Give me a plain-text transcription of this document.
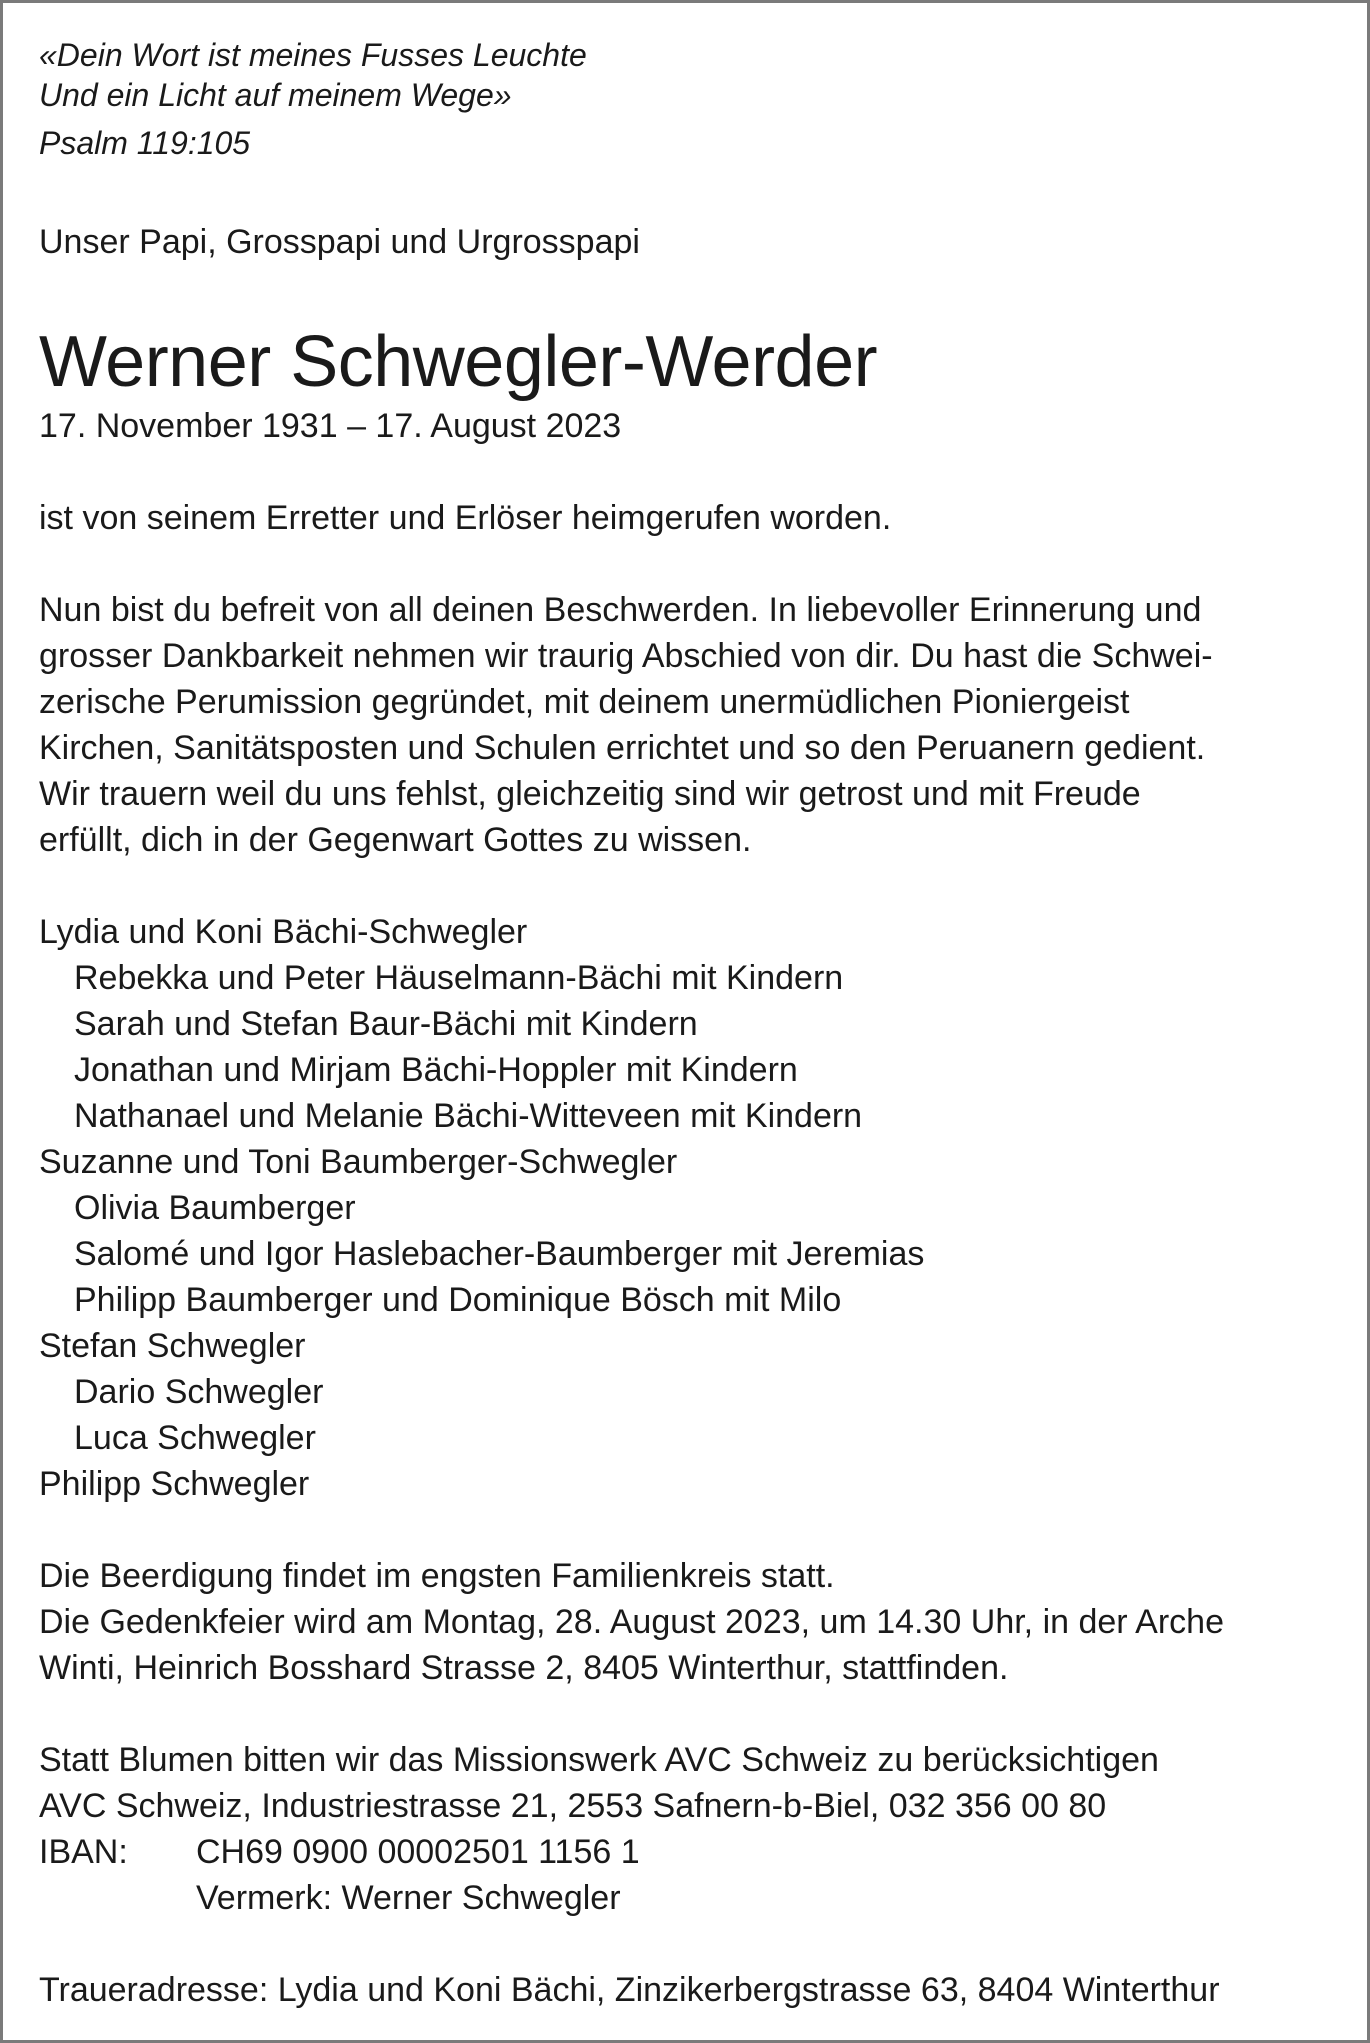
«Dein Wort ist meines Fusses Leuchte
Und ein Licht auf meinem Wege»
Psalm 119:105
Unser Papi, Grosspapi und Urgrosspapi
Werner Schwegler-Werder
17. November 1931 – 17. August 2023
ist von seinem Erretter und Erlöser heimgerufen worden.
Nun bist du befreit von all deinen Beschwerden. In liebevoller Erinnerung und
grosser Dankbarkeit nehmen wir traurig Abschied von dir. Du hast die Schwei-
zerische Perumission gegründet, mit deinem unermüdlichen Pioniergeist
Kirchen, Sanitätsposten und Schulen errichtet und so den Peruanern gedient.
Wir trauern weil du uns fehlst, gleichzeitig sind wir getrost und mit Freude
erfüllt, dich in der Gegenwart Gottes zu wissen.
Lydia und Koni Bächi-Schwegler
Rebekka und Peter Häuselmann-Bächi mit Kindern
Sarah und Stefan Baur-Bächi mit Kindern
Jonathan und Mirjam Bächi-Hoppler mit Kindern
Nathanael und Melanie Bächi-Witteveen mit Kindern
Suzanne und Toni Baumberger-Schwegler
Olivia Baumberger
Salomé und Igor Haslebacher-Baumberger mit Jeremias
Philipp Baumberger und Dominique Bösch mit Milo
Stefan Schwegler
Dario Schwegler
Luca Schwegler
Philipp Schwegler
Die Beerdigung findet im engsten Familienkreis statt.
Die Gedenkfeier wird am Montag, 28. August 2023, um 14.30 Uhr, in der Arche
Winti, Heinrich Bosshard Strasse 2, 8405 Winterthur, stattfinden.
Statt Blumen bitten wir das Missionswerk AVC Schweiz zu berücksichtigen
AVC Schweiz, Industriestrasse 21, 2553 Safnern-b-Biel, 032 356 00 80
IBAN:	CH69 0900 00002501 1156 1
Vermerk: Werner Schwegler
Traueradresse: Lydia und Koni Bächi, Zinzikerbergstrasse 63, 8404 Winterthur
